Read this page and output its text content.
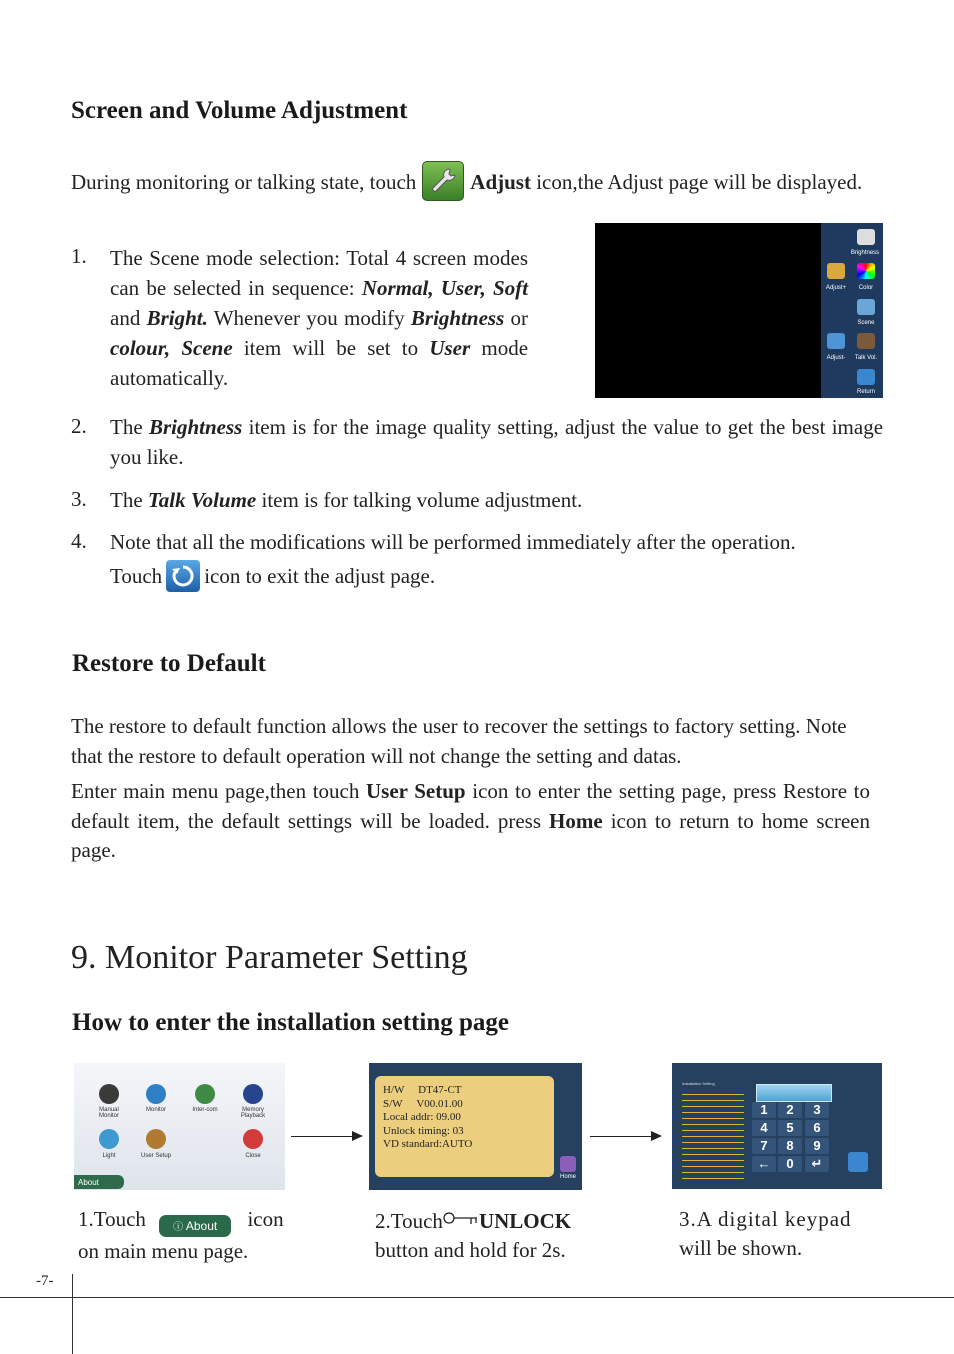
Screen and Volume Adjustment

During monitoring or talking state, touch	Adjust icon,the Adjust page will be displayed.

1. The Scene mode selection: Total 4 screen modes can be selected in sequence: Normal, User, Soft and Bright. Whenever you modify Brightness or colour, Scene item will be set to User mode automatically.

Brightness
Adjust+	Color
Scene
Adjust-	Talk Vol.
Return
2. The Brightness item is for the image quality setting, adjust the value to get the best image you like.

3. The Talk Volume item is for talking volume adjustment.

4. Note that all the modifications will be performed immediately after the operation.

Touch icon to exit the adjust page.

Restore to Default

The restore to default function allows the user to recover the settings to factory setting. Note that the restore to default operation will not change the setting and datas.

Enter main menu page,then touch User Setup icon to enter the setting page, press Restore to default item, the default settings will be loaded. press Home icon to return to home screen page.

9. Monitor Parameter Setting
How to enter the installation setting page
Manual Monitor
Monitor	Inter-com	Memory Playback
Light	User Setup	Close
About
H/W DT47-CT
S/W V00.01.00
Local addr: 09.00
Unlock timing: 03
VD standard:AUTO
Home
Installation Setting
1	2	3
4	5	6
7	8	9
←	0	↵
1.Touch	ⓘ About icon
on main menu page.
2.Touch UNLOCK
button and hold for 2s.
3.A digital keypad
will be shown.
-7-
